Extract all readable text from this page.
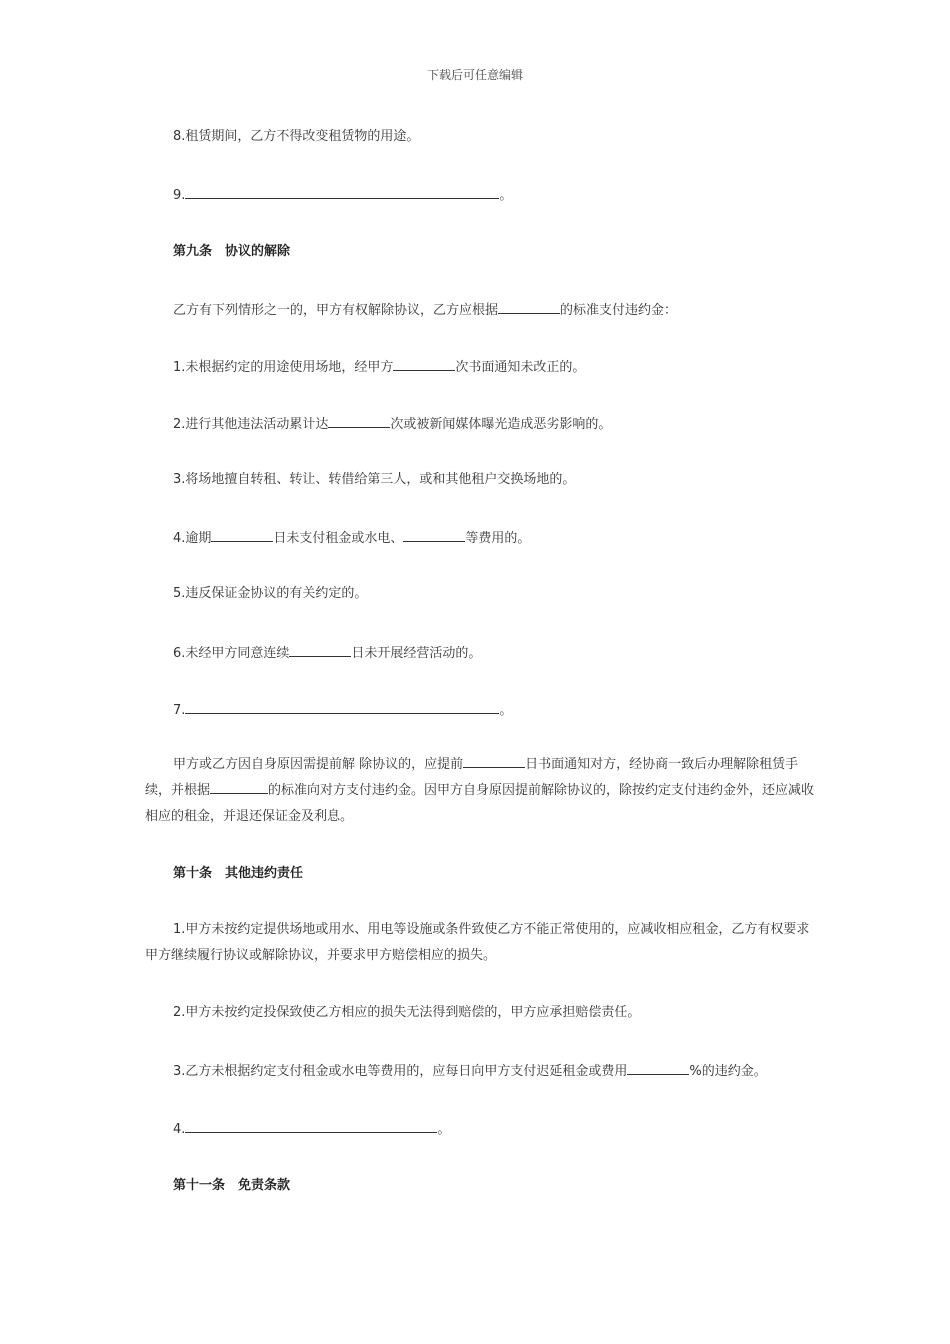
下载后可任意编辑
8.租赁期间，乙方不得改变租赁物的用途。
9.	。
第九条　协议的解除
乙方有下列情形之一的，甲方有权解除协议，乙方应根据	的标准支付违约金：
1.未根据约定的用途使用场地，经甲方	次书面通知未改正的。
2.进行其他违法活动累计达	次或被新闻媒体曝光造成恶劣影响的。
3.将场地擅自转租、转让、转借给第三人，或和其他租户交换场地的。
4.逾期	日未支付租金或水电、	等费用的。
5.违反保证金协议的有关约定的。
6.未经甲方同意连续	日未开展经营活动的。
7.	。
甲方或乙方因自身原因需提前解 除协议的，应提前	日书面通知对方，经协商一致后办理解除租赁手续，并根据	的标准向对方支付违约金。因甲方自身原因提前解除协议的，除按约定支付违约金外，还应减收相应的租金，并退还保证金及利息。
第十条　其他违约责任
1.甲方未按约定提供场地或用水、用电等设施或条件致使乙方不能正常使用的，应减收相应租金，乙方有权要求甲方继续履行协议或解除协议，并要求甲方赔偿相应的损失。
2.甲方未按约定投保致使乙方相应的损失无法得到赔偿的，甲方应承担赔偿责任。
3.乙方未根据约定支付租金或水电等费用的，应每日向甲方支付迟延租金或费用	%的违约金。
4.	。
第十一条　免责条款
